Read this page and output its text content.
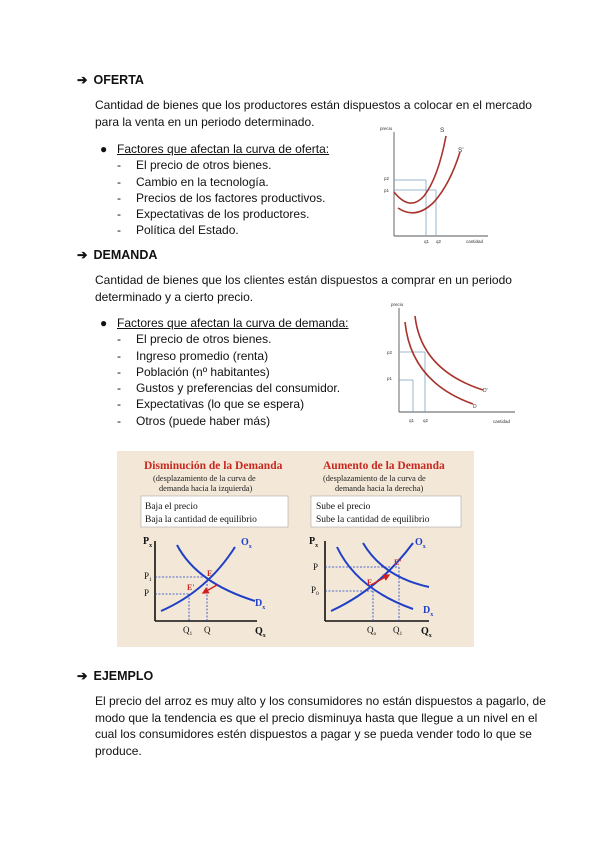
➔ OFERTA
Cantidad de bienes que los productores están dispuestos a colocar en el mercado
para la venta en un periodo determinado.
● Factores que afectan la curva de oferta:
- El precio de otros bienes.
- Cambio en la tecnología.
- Precios de los factores productivos.
- Expectativas de los productores.
- Política del Estado.
precio
cantidad
p2
p1
q1 q2
S
S'
➔ DEMANDA
Cantidad de bienes que los clientes están dispuestos a comprar en un periodo
determinado y a cierto precio.
● Factores que afectan la curva de demanda:
- El precio de otros bienes.
- Ingreso promedio (renta)
- Población (nº habitantes)
- Gustos y preferencias del consumidor.
- Expectativas (lo que se espera)
- Otros (puede haber más)
precio
cantidad
p2
p1
q1 q2
D
D'
Disminución de la Demanda
(desplazamiento de la curva de
demanda hacia la izquierda)
Baja el precio
Baja la cantidad de equilibrio
$P_x$
$Q_x$
$O_x$
$D_x$
$P_1$
P
$Q_1$ Q
E
E'
Aumento de la Demanda
(desplazamiento de la curva de
demanda hacia la derecha)
Sube el precio
Sube la cantidad de equilibrio
$P_x$
$Q_x$
$O_x$
$D_x$
P
$P_0$
$Q_o$ $Q_1$
E
E'
➔ EJEMPLO
El precio del arroz es muy alto y los consumidores no están dispuestos a pagarlo, de
modo que la tendencia es que el precio disminuya hasta que llegue a un nivel en el
cual los consumidores estén dispuestos a pagar y se pueda vender todo lo que se
produce.
